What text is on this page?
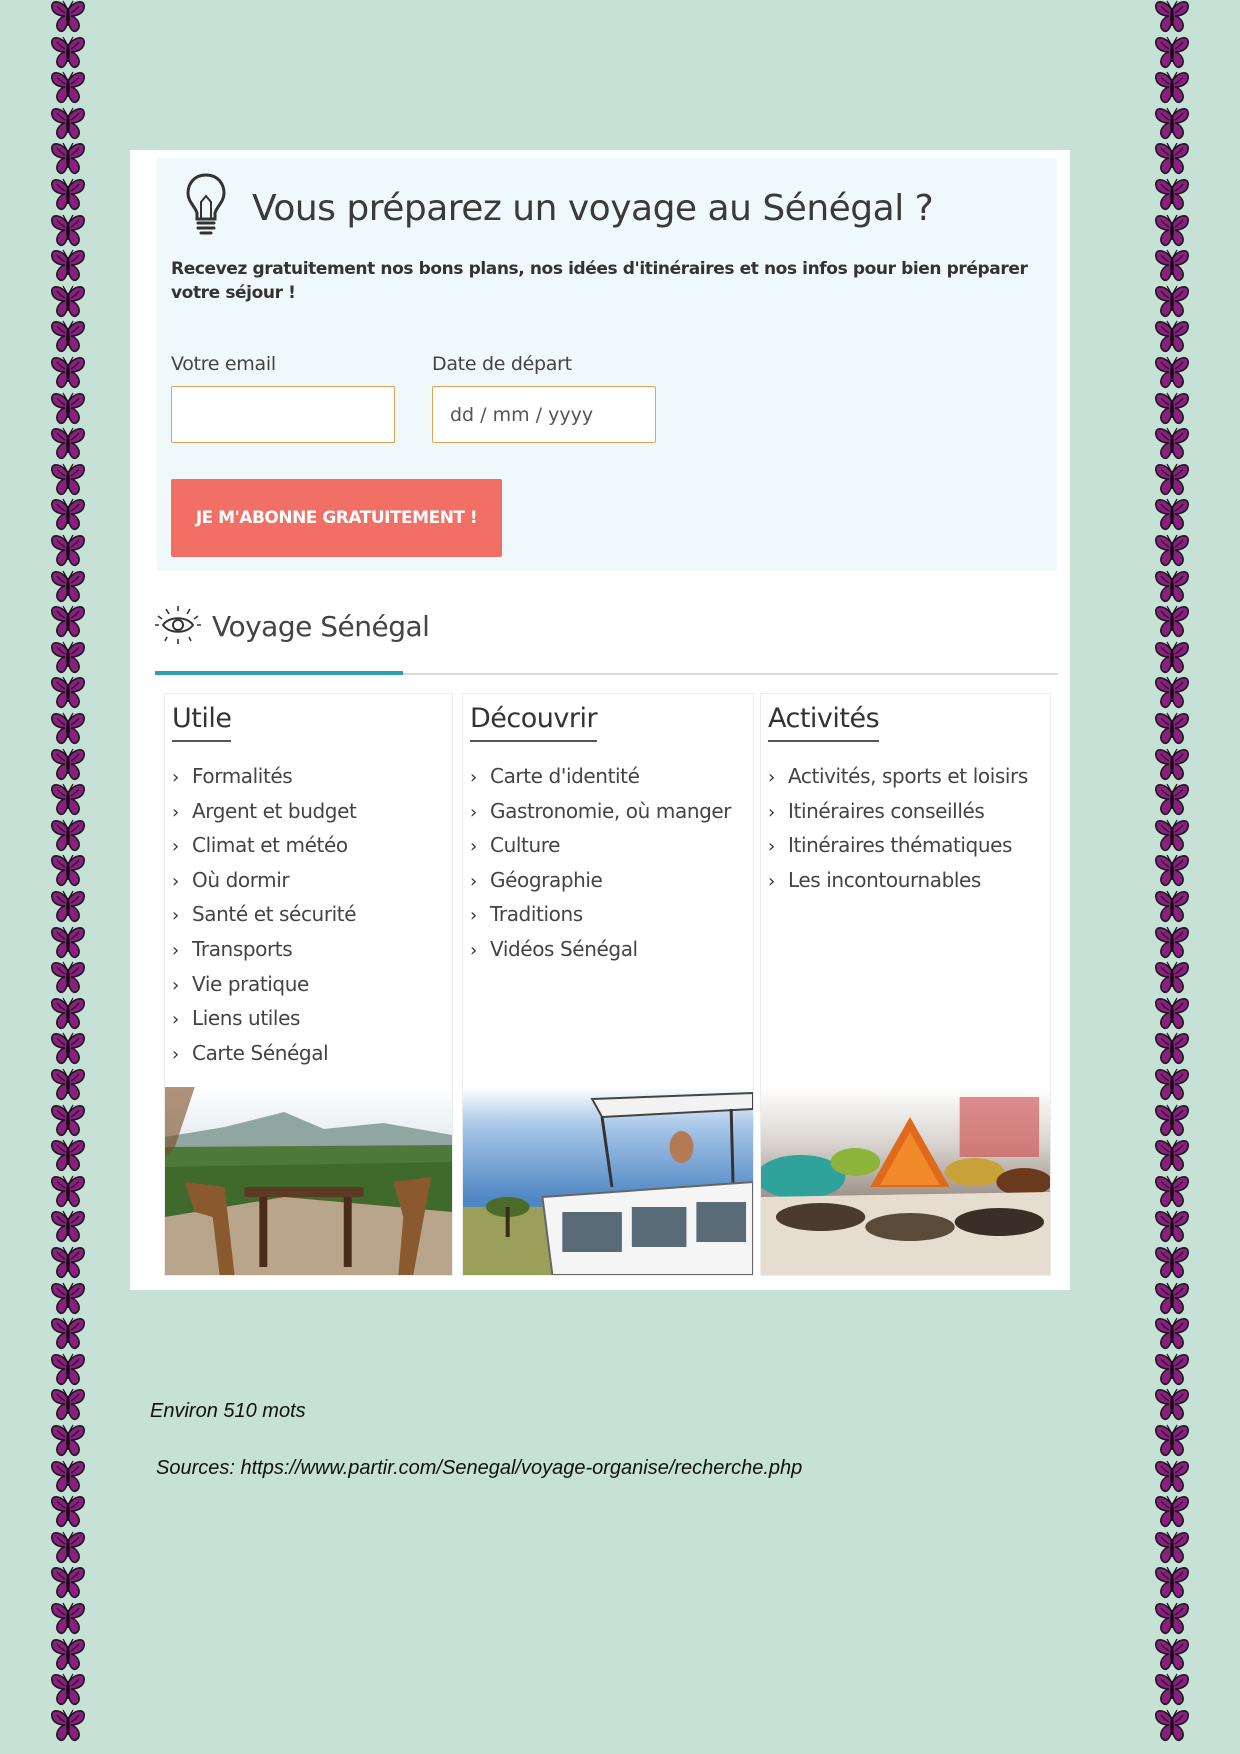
Vous préparez un voyage au Sénégal ?
Recevez gratuitement nos bons plans, nos idées d'itinéraires et nos infos pour bien préparer votre séjour !
Votre email	Date de départ
dd / mm / yyyy
JE M'ABONNE GRATUITEMENT !
Voyage Sénégal
Utile
› Formalités
› Argent et budget
› Climat et météo
› Où dormir
› Santé et sécurité
› Transports
› Vie pratique
› Liens utiles
› Carte Sénégal
Découvrir
› Carte d'identité
› Gastronomie, où manger
› Culture
› Géographie
› Traditions
› Vidéos Sénégal
Activités
› Activités, sports et loisirs
› Itinéraires conseillés
› Itinéraires thématiques
› Les incontournables
Environ 510 mots
Sources: https://www.partir.com/Senegal/voyage-organise/recherche.php
